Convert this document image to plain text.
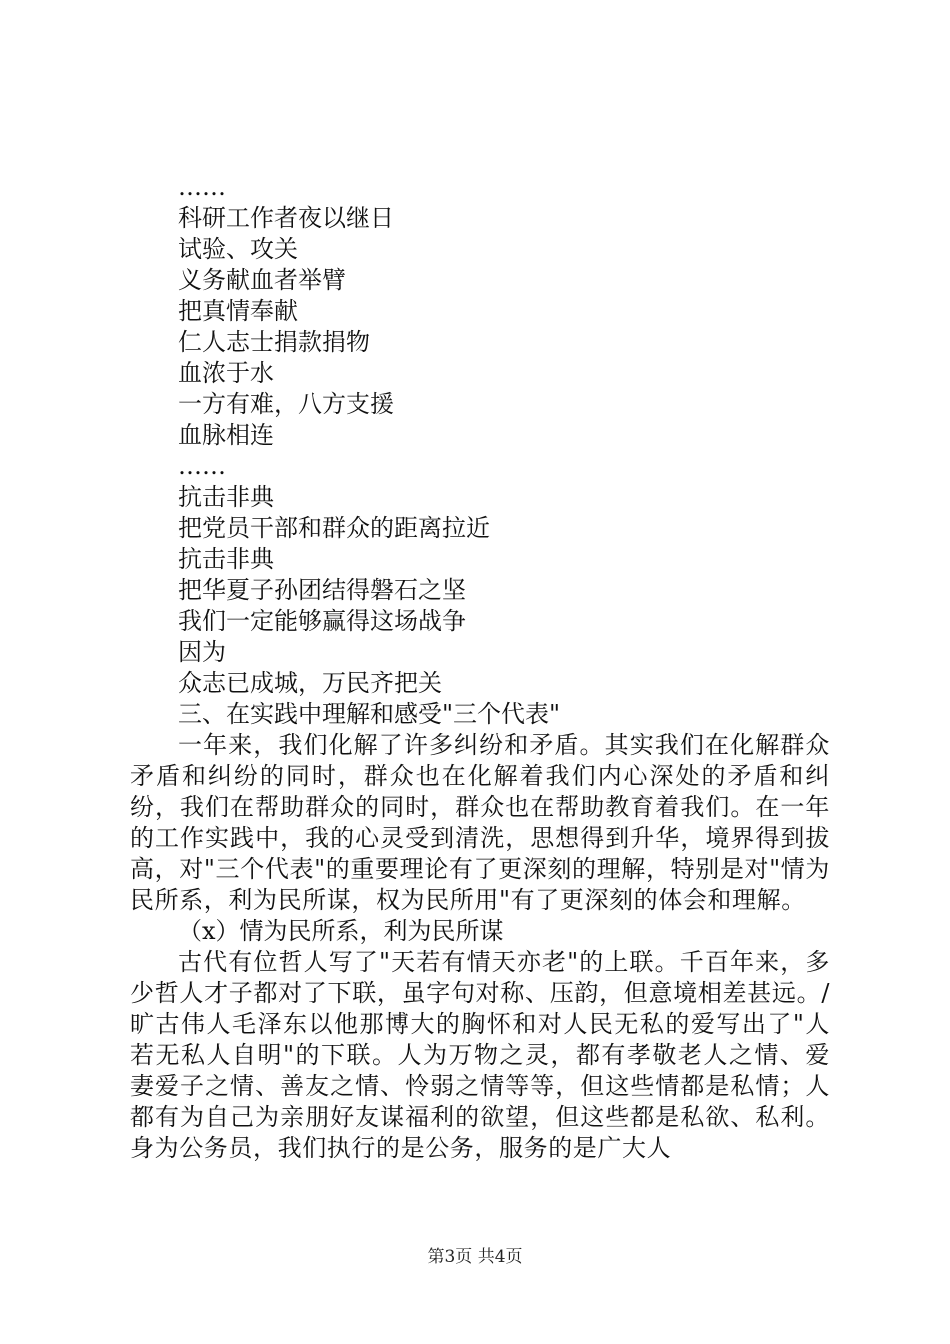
……
科研工作者夜以继日
试验、攻关
义务献血者举臂
把真情奉献
仁人志士捐款捐物
血浓于水
一方有难，八方支援
血脉相连
……
抗击非典
把党员干部和群众的距离拉近
抗击非典
把华夏子孙团结得磐石之坚
我们一定能够赢得这场战争
因为
众志已成城，万民齐把关
三、在实践中理解和感受"三个代表"

一年来，我们化解了许多纠纷和矛盾。其实我们在化解群众矛盾和纠纷的同时，群众也在化解着我们内心深处的矛盾和纠纷，我们在帮助群众的同时，群众也在帮助教育着我们。在一年的工作实践中，我的心灵受到清洗，思想得到升华，境界得到拔高，对"三个代表"的重要理论有了更深刻的理解，特别是对"情为民所系，利为民所谋，权为民所用"有了更深刻的体会和理解。

（x）情为民所系，利为民所谋

古代有位哲人写了"天若有情天亦老"的上联。千百年来，多少哲人才子都对了下联，虽字句对称、压韵，但意境相差甚远。/旷古伟人毛泽东以他那博大的胸怀和对人民无私的爱写出了"人若无私人自明"的下联。人为万物之灵，都有孝敬老人之情、爱妻爱子之情、善友之情、怜弱之情等等，但这些情都是私情；人都有为自己为亲朋好友谋福利的欲望，但这些都是私欲、私利。身为公务员，我们执行的是公务，服务的是广大人

第3页 共4页
